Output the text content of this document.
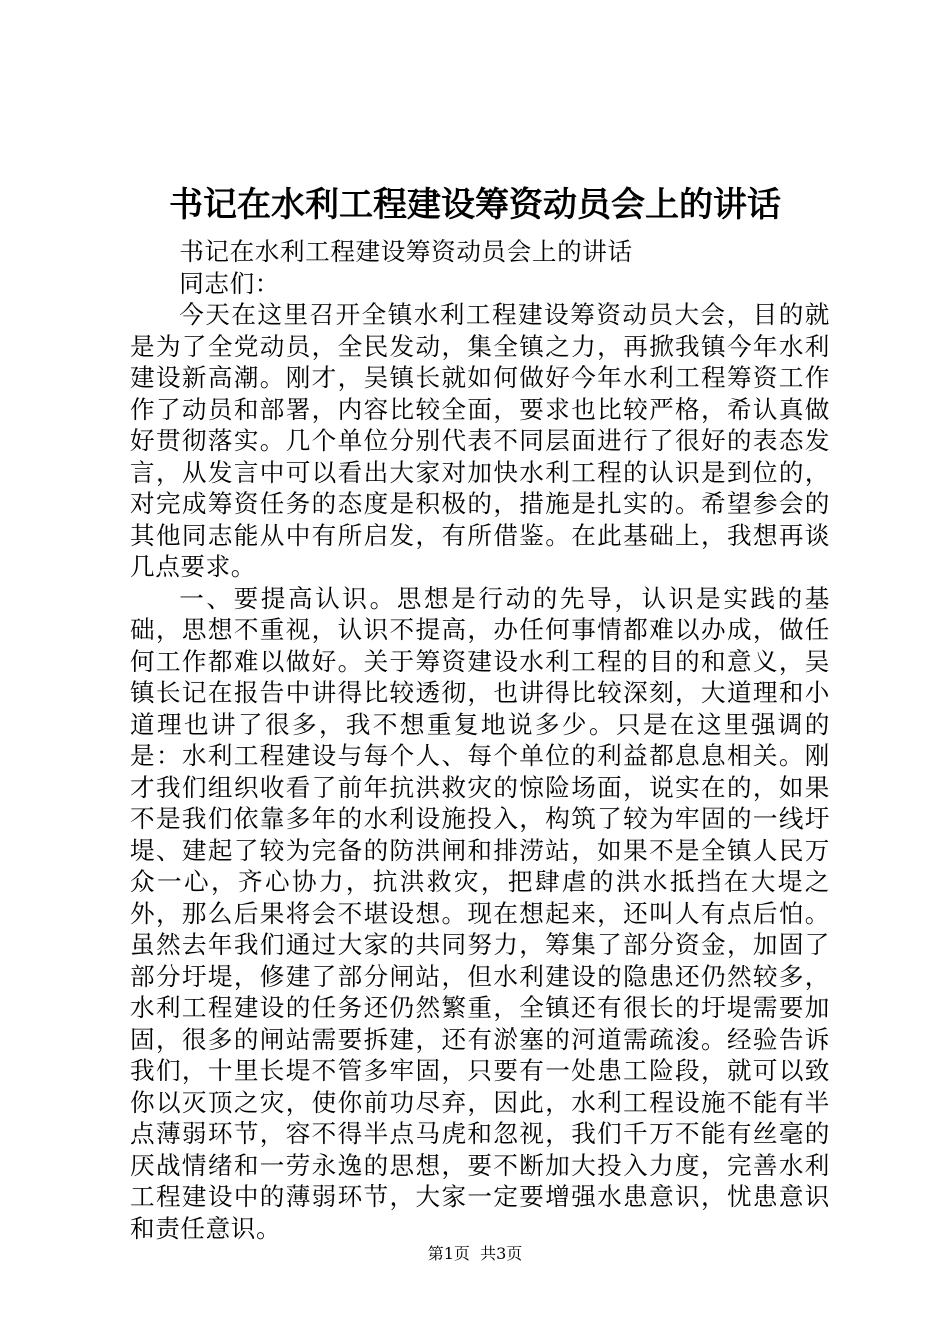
书记在水利工程建设筹资动员会上的讲话

书记在水利工程建设筹资动员会上的讲话

同志们：

今天在这里召开全镇水利工程建设筹资动员大会，目的就是为了全党动员，全民发动，集全镇之力，再掀我镇今年水利建设新高潮。刚才，吴镇长就如何做好今年水利工程筹资工作作了动员和部署，内容比较全面，要求也比较严格，希认真做好贯彻落实。几个单位分别代表不同层面进行了很好的表态发言，从发言中可以看出大家对加快水利工程的认识是到位的，对完成筹资任务的态度是积极的，措施是扎实的。希望参会的其他同志能从中有所启发，有所借鉴。在此基础上，我想再谈几点要求。

一、要提高认识。思想是行动的先导，认识是实践的基础，思想不重视，认识不提高，办任何事情都难以办成，做任何工作都难以做好。关于筹资建设水利工程的目的和意义，吴镇长记在报告中讲得比较透彻，也讲得比较深刻，大道理和小道理也讲了很多，我不想重复地说多少。只是在这里强调的是：水利工程建设与每个人、每个单位的利益都息息相关。刚才我们组织收看了前年抗洪救灾的惊险场面，说实在的，如果不是我们依靠多年的水利设施投入，构筑了较为牢固的一线圩堤、建起了较为完备的防洪闸和排涝站，如果不是全镇人民万众一心，齐心协力，抗洪救灾，把肆虐的洪水抵挡在大堤之外，那么后果将会不堪设想。现在想起来，还叫人有点后怕。虽然去年我们通过大家的共同努力，筹集了部分资金，加固了部分圩堤，修建了部分闸站，但水利建设的隐患还仍然较多，水利工程建设的任务还仍然繁重，全镇还有很长的圩堤需要加固，很多的闸站需要拆建，还有淤塞的河道需疏浚。经验告诉我们，十里长堤不管多牢固，只要有一处患工险段，就可以致你以灭顶之灾，使你前功尽弃，因此，水利工程设施不能有半点薄弱环节，容不得半点马虎和忽视，我们千万不能有丝毫的厌战情绪和一劳永逸的思想，要不断加大投入力度，完善水利工程建设中的薄弱环节，大家一定要增强水患意识，忧患意识和责任意识。

第1页  共3页
